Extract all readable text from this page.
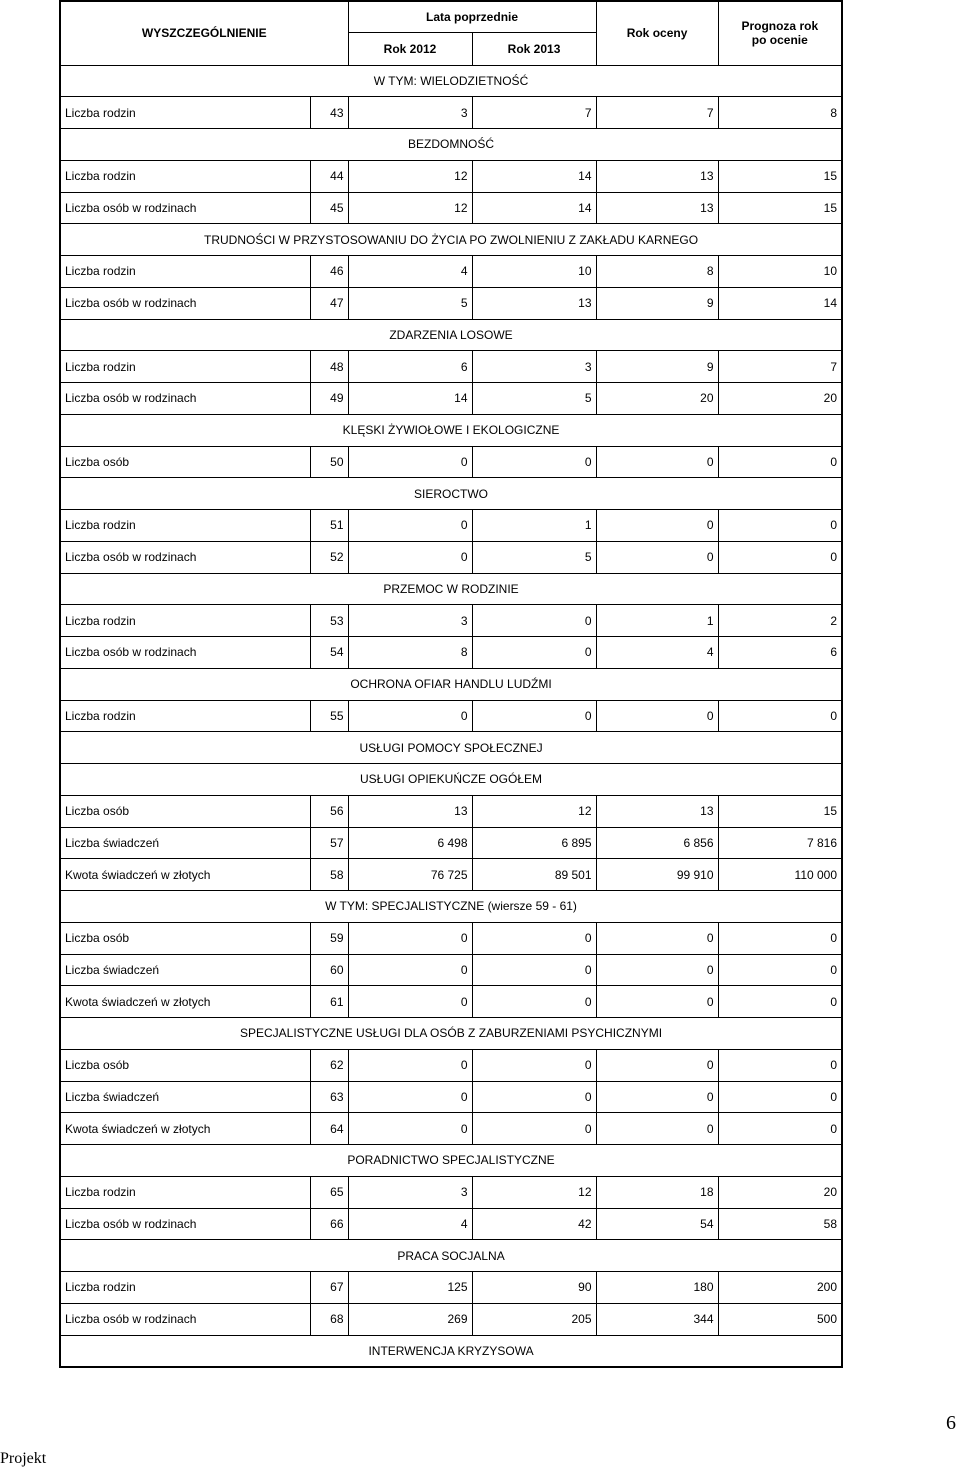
WYSZCZEGÓLNIENIE		Lata poprzednie		Rok oceny	Prognoza rok
po ocenie
		Rok 2012	Rok 2013		
W TYM: WIELODZIETNOŚĆ					
Liczba rodzin	43	3	7	7	8
BEZDOMNOŚĆ					
Liczba rodzin	44	12	14	13	15
Liczba osób w rodzinach	45	12	14	13	15
TRUDNOŚCI W PRZYSTOSOWANIU DO ŻYCIA PO ZWOLNIENIU Z ZAKŁADU KARNEGO					
Liczba rodzin	46	4	10	8	10
Liczba osób w rodzinach	47	5	13	9	14
ZDARZENIA LOSOWE					
Liczba rodzin	48	6	3	9	7
Liczba osób w rodzinach	49	14	5	20	20
KLĘSKI ŻYWIOŁOWE I EKOLOGICZNE					
Liczba osób	50	0	0	0	0
SIEROCTWO					
Liczba rodzin	51	0	1	0	0
Liczba osób w rodzinach	52	0	5	0	0
PRZEMOC W RODZINIE					
Liczba rodzin	53	3	0	1	2
Liczba osób w rodzinach	54	8	0	4	6
OCHRONA OFIAR HANDLU LUDŹMI					
Liczba rodzin	55	0	0	0	0
USŁUGI POMOCY SPOŁECZNEJ					
USŁUGI OPIEKUŃCZE OGÓŁEM					
Liczba osób	56	13	12	13	15
Liczba świadczeń	57	6 498	6 895	6 856	7 816
Kwota świadczeń w złotych	58	76 725	89 501	99 910	110 000
W TYM: SPECJALISTYCZNE (wiersze 59 - 61)					
Liczba osób	59	0	0	0	0
Liczba świadczeń	60	0	0	0	0
Kwota świadczeń w złotych	61	0	0	0	0
SPECJALISTYCZNE USŁUGI DLA OSÓB Z ZABURZENIAMI PSYCHICZNYMI					
Liczba osób	62	0	0	0	0
Liczba świadczeń	63	0	0	0	0
Kwota świadczeń w złotych	64	0	0	0	0
PORADNICTWO SPECJALISTYCZNE					
Liczba rodzin	65	3	12	18	20
Liczba osób w rodzinach	66	4	42	54	58
PRACA SOCJALNA					
Liczba rodzin	67	125	90	180	200
Liczba osób w rodzinach	68	269	205	344	500
INTERWENCJA KRYZYSOWA					
Projekt
6
